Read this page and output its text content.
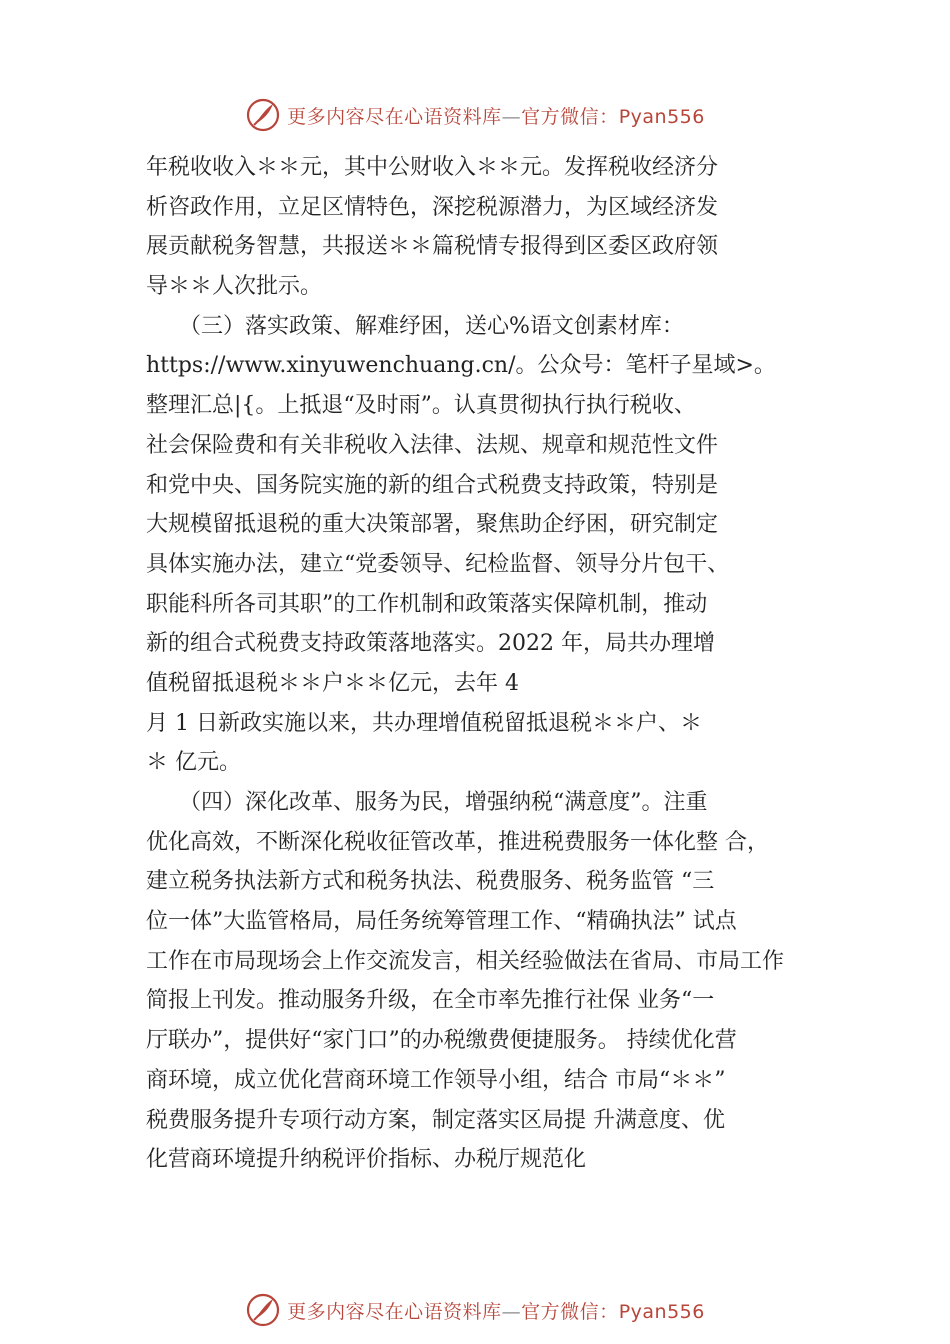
更多内容尽在心语资料库—官方微信：Pyan556
年税收收入＊＊元，其中公财收入＊＊元。发挥税收经济分
析咨政作用，立足区情特色，深挖税源潜力，为区域经济发
展贡献税务智慧，共报送＊＊篇税情专报得到区委区政府领
导＊＊人次批示。
　　（三）落实政策、解难纾困，送心%语文创素材库：
https://www.xinyuwenchuang.cn/。公众号：笔杆子星域>。
整理汇总|{。上抵退“及时雨”。认真贯彻执行执行税收、
社会保险费和有关非税收入法律、法规、规章和规范性文件
和党中央、国务院实施的新的组合式税费支持政策，特别是
大规模留抵退税的重大决策部署，聚焦助企纾困，研究制定
具体实施办法，建立“党委领导、纪检监督、领导分片包干、
职能科所各司其职”的工作机制和政策落实保障机制，推动
新的组合式税费支持政策落地落实。2022 年，局共办理增
值税留抵退税＊＊户＊＊亿元，去年 4
月 1 日新政实施以来，共办理增值税留抵退税＊＊户、＊
＊ 亿元。
　　（四）深化改革、服务为民，增强纳税“满意度”。注重
优化高效，不断深化税收征管改革，推进税费服务一体化整 合，
建立税务执法新方式和税务执法、税费服务、税务监管 “三
位一体”大监管格局，局任务统筹管理工作、“精确执法” 试点
工作在市局现场会上作交流发言，相关经验做法在省局、市局工作
简报上刊发。推动服务升级，在全市率先推行社保 业务“一
厅联办”，提供好“家门口”的办税缴费便捷服务。 持续优化营
商环境，成立优化营商环境工作领导小组，结合 市局“＊＊”
税费服务提升专项行动方案，制定落实区局提 升满意度、优
化营商环境提升纳税评价指标、办税厅规范化
更多内容尽在心语资料库—官方微信：Pyan556
